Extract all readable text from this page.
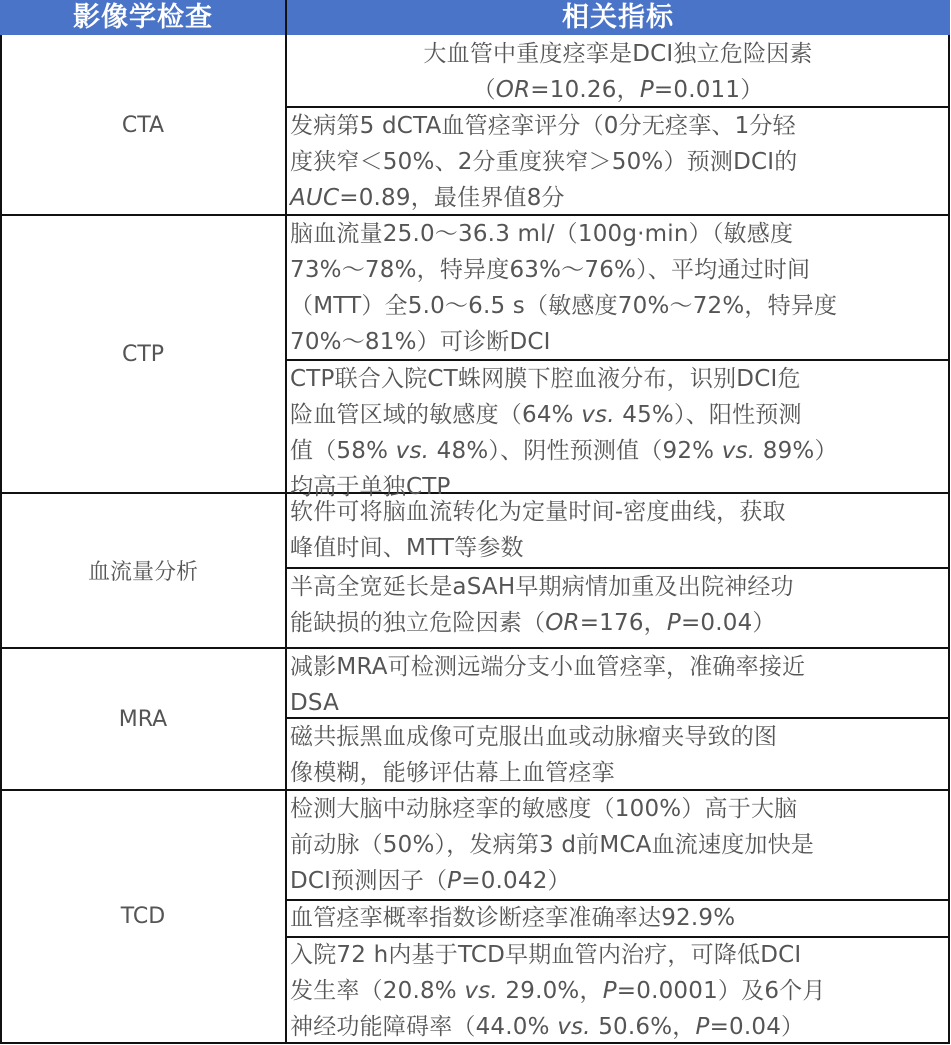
影像学检查	相关指标
CTA
大血管中重度痉挛是DCI独立危险因素
（OR=10.26，P=0.011）
发病第5 dCTA血管痉挛评分（0分无痉挛、1分轻
度狭窄＜50%、2分重度狭窄＞50%）预测DCI的
AUC=0.89，最佳界值8分
CTP
脑血流量25.0～36.3 ml/（100g·min）（敏感度
73%～78%，特异度63%～76%）、平均通过时间
（MTT）全5.0～6.5 s（敏感度70%～72%，特异度
70%～81%）可诊断DCI
CTP联合入院CT蛛网膜下腔血液分布，识别DCI危
险血管区域的敏感度（64% vs. 45%）、阳性预测
值（58% vs. 48%）、阴性预测值（92% vs. 89%）
均高于单独CTP
血流量分析
软件可将脑血流转化为定量时间-密度曲线，获取
峰值时间、MTT等参数
半高全宽延长是aSAH早期病情加重及出院神经功
能缺损的独立危险因素（OR=176，P=0.04）
MRA
减影MRA可检测远端分支小血管痉挛，准确率接近
DSA
磁共振黑血成像可克服出血或动脉瘤夹导致的图
像模糊，能够评估幕上血管痉挛
TCD
检测大脑中动脉痉挛的敏感度（100%）高于大脑
前动脉（50%），发病第3 d前MCA血流速度加快是
DCI预测因子（P=0.042）
血管痉挛概率指数诊断痉挛准确率达92.9%
入院72 h内基于TCD早期血管内治疗，可降低DCI
发生率（20.8% vs. 29.0%，P=0.0001）及6个月
神经功能障碍率（44.0% vs. 50.6%，P=0.04）
